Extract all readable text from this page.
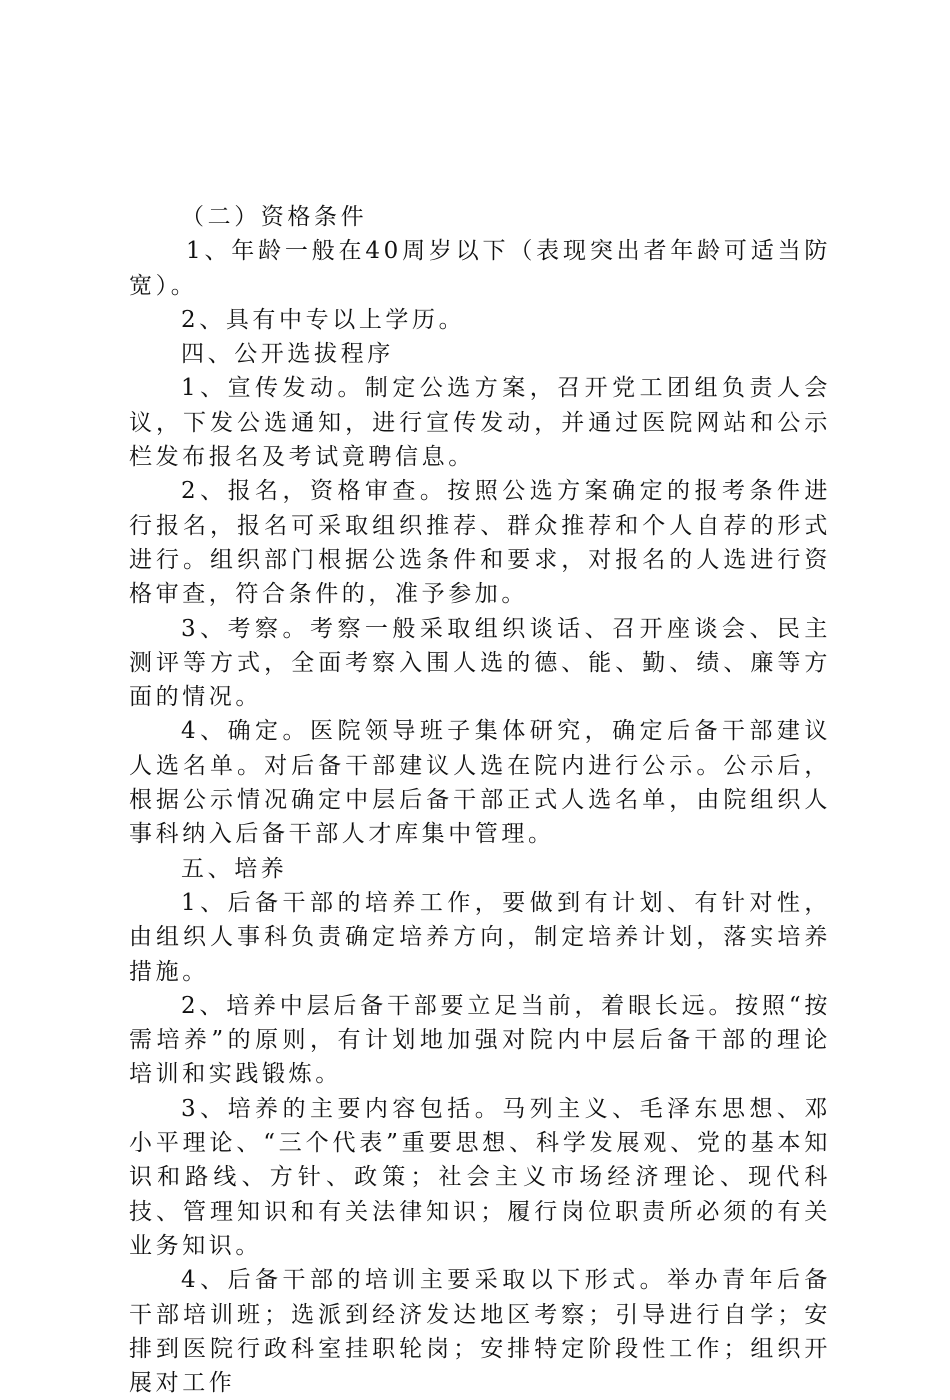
（二）资格条件

1、年龄一般在40周岁以下（表现突出者年龄可适当防宽）。

2、具有中专以上学历。

四、公开选拔程序

1、宣传发动。制定公选方案，召开党工团组负责人会议，下发公选通知，进行宣传发动，并通过医院网站和公示栏发布报名及考试竟聘信息。

2、报名，资格审查。按照公选方案确定的报考条件进行报名，报名可采取组织推荐、群众推荐和个人自荐的形式进行。组织部门根据公选条件和要求，对报名的人选进行资格审查，符合条件的，准予参加。

3、考察。考察一般采取组织谈话、召开座谈会、民主测评等方式，全面考察入围人选的德、能、勤、绩、廉等方面的情况。

4、确定。医院领导班子集体研究，确定后备干部建议人选名单。对后备干部建议人选在院内进行公示。公示后，根据公示情况确定中层后备干部正式人选名单，由院组织人事科纳入后备干部人才库集中管理。

五、培养

1、后备干部的培养工作，要做到有计划、有针对性，由组织人事科负责确定培养方向，制定培养计划，落实培养措施。

2、培养中层后备干部要立足当前，着眼长远。按照“按需培养”的原则，有计划地加强对院内中层后备干部的理论培训和实践锻炼。

3、培养的主要内容包括。马列主义、毛泽东思想、邓小平理论、“三个代表”重要思想、科学发展观、党的基本知识和路线、方针、政策；社会主义市场经济理论、现代科技、管理知识和有关法律知识；履行岗位职责所必须的有关业务知识。

4、后备干部的培训主要采取以下形式。举办青年后备干部培训班；选派到经济发达地区考察；引导进行自学；安排到医院行政科室挂职轮岗；安排特定阶段性工作；组织开展对工作
